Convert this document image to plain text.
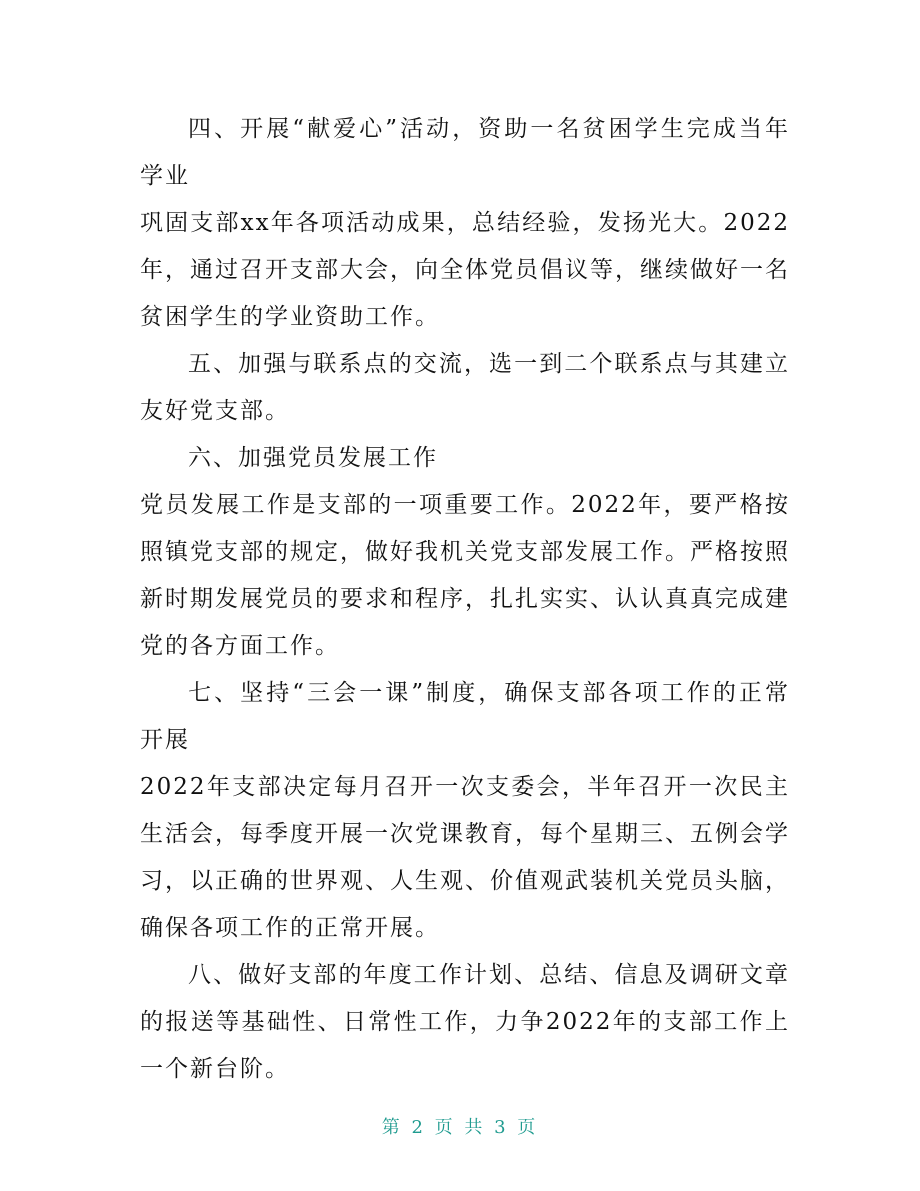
四、开展“献爱心”活动，资助一名贫困学生完成当年学业

巩固支部xx年各项活动成果，总结经验，发扬光大。2022年，通过召开支部大会，向全体党员倡议等，继续做好一名贫困学生的学业资助工作。

五、加强与联系点的交流，选一到二个联系点与其建立友好党支部。

六、加强党员发展工作

党员发展工作是支部的一项重要工作。2022年，要严格按照镇党支部的规定，做好我机关党支部发展工作。严格按照新时期发展党员的要求和程序，扎扎实实、认认真真完成建党的各方面工作。

七、坚持“三会一课”制度，确保支部各项工作的正常开展

2022年支部决定每月召开一次支委会，半年召开一次民主生活会，每季度开展一次党课教育，每个星期三、五例会学习，以正确的世界观、人生观、价值观武装机关党员头脑，确保各项工作的正常开展。

八、做好支部的年度工作计划、总结、信息及调研文章的报送等基础性、日常性工作，力争2022年的支部工作上一个新台阶。

第 2 页 共 3 页
